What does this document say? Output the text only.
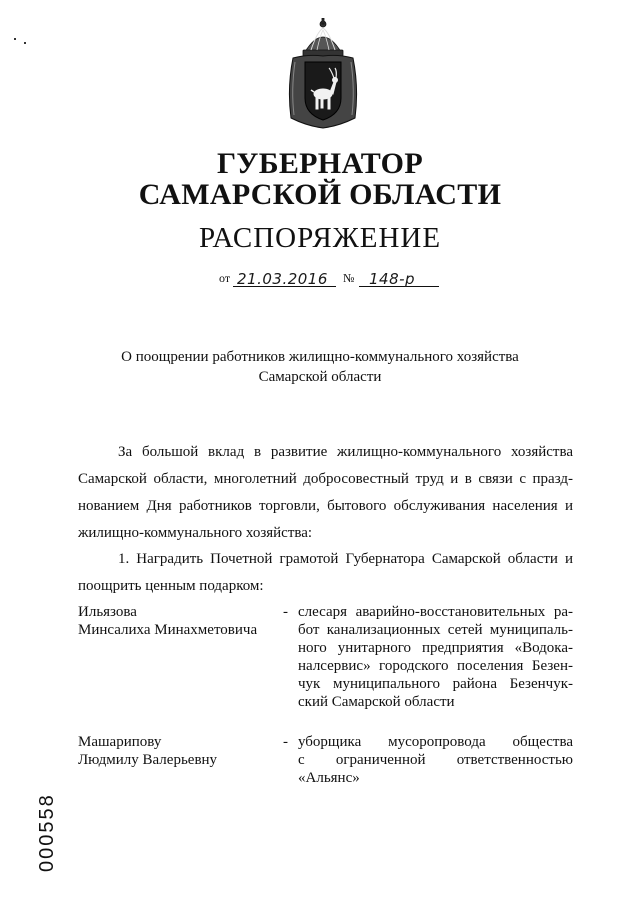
ГУБЕРНАТОР
САМАРСКОЙ ОБЛАСТИ
РАСПОРЯЖЕНИЕ
от 21.03.2016 № 148-р
О поощрении работников жилищно-коммунального хозяйства
Самарской области
За большой вклад в развитие жилищно-коммунального хозяйства
Самарской области, многолетний добросовестный труд и в связи с празд-
нованием Дня работников торговли, бытового обслуживания населения и
жилищно-коммунального хозяйства:
1. Наградить Почетной грамотой Губернатора Самарской области и
поощрить ценным подарком:
Ильязова
Минсалиха Минахметовича
- слесаря аварийно-восстановительных ра-
бот канализационных сетей муниципаль-
ного унитарного предприятия «Водока-
налсервис» городского поселения Безен-
чук муниципального района Безенчук-
ский Самарской области
Машарипову
Людмилу Валерьевну
- уборщика мусоропровода общества
с ограниченной ответственностью
«Альянс»
000558
